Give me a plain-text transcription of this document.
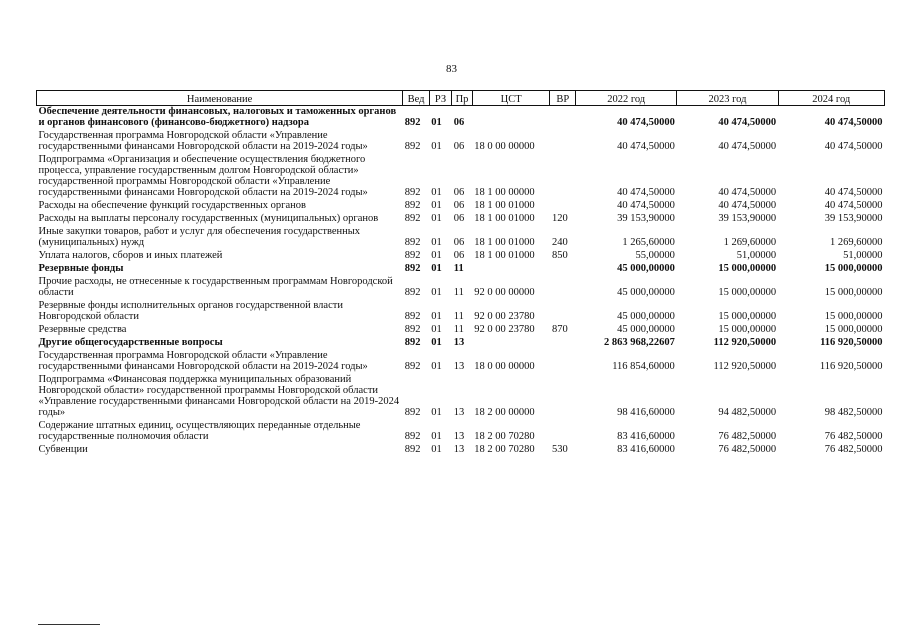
83
Наименование	Вед	РЗ	Пр	ЦСТ	ВР	2022 год	2023 год	2024 год
Обеспечение деятельности финансовых, налоговых и таможенных органов и органов финансового (финансово-бюджетного) надзора	892	01	06			40 474,50000	40 474,50000	40 474,50000
Государственная программа Новгородской области «Управление государственными финансами Новгородской области на 2019-2024 годы»	892	01	06	18 0 00 00000		40 474,50000	40 474,50000	40 474,50000
Подпрограмма «Организация и обеспечение осуществления бюджетного процесса, управление государственным долгом Новгородской области» государственной программы Новгородской области «Управление государственными финансами Новгородской области на 2019-2024 годы»	892	01	06	18 1 00 00000		40 474,50000	40 474,50000	40 474,50000
Расходы на обеспечение функций государственных органов	892	01	06	18 1 00 01000		40 474,50000	40 474,50000	40 474,50000
Расходы на выплаты персоналу государственных (муниципальных) органов	892	01	06	18 1 00 01000	120	39 153,90000	39 153,90000	39 153,90000
Иные закупки товаров, работ и услуг для обеспечения государственных (муниципальных) нужд	892	01	06	18 1 00 01000	240	1 265,60000	1 269,60000	1 269,60000
Уплата налогов, сборов и иных платежей	892	01	06	18 1 00 01000	850	55,00000	51,00000	51,00000
Резервные фонды	892	01	11			45 000,00000	15 000,00000	15 000,00000
Прочие расходы, не отнесенные к государственным программам Новгородской области	892	01	11	92 0 00 00000		45 000,00000	15 000,00000	15 000,00000
Резервные фонды исполнительных органов государственной власти Новгородской области	892	01	11	92 0 00 23780		45 000,00000	15 000,00000	15 000,00000
Резервные средства	892	01	11	92 0 00 23780	870	45 000,00000	15 000,00000	15 000,00000
Другие общегосударственные вопросы	892	01	13			2 863 968,22607	112 920,50000	116 920,50000
Государственная программа Новгородской области «Управление государственными финансами Новгородской области на 2019-2024 годы»	892	01	13	18 0 00 00000		116 854,60000	112 920,50000	116 920,50000
Подпрограмма «Финансовая поддержка муниципальных образований Новгородской области» государственной программы Новгородской области «Управление государственными финансами Новгородской области на 2019-2024 годы»	892	01	13	18 2 00 00000		98 416,60000	94 482,50000	98 482,50000
Содержание штатных единиц, осуществляющих переданные отдельные государственные полномочия области	892	01	13	18 2 00 70280		83 416,60000	76 482,50000	76 482,50000
Субвенции	892	01	13	18 2 00 70280	530	83 416,60000	76 482,50000	76 482,50000
